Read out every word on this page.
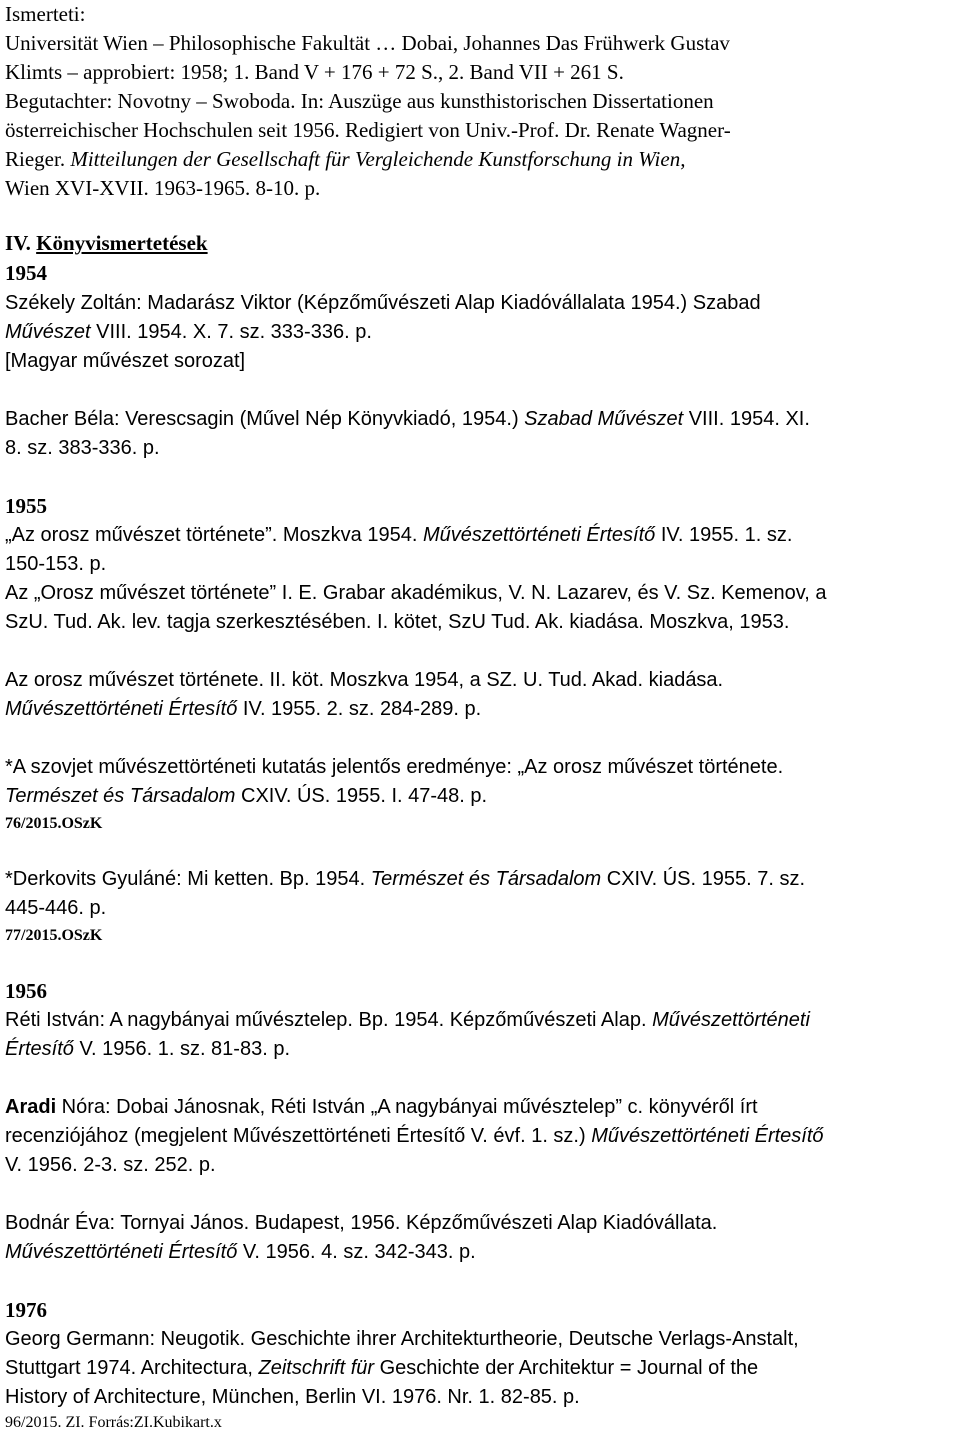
Ismerteti:
Universität Wien – Philosophische Fakultät … Dobai, Johannes Das Frühwerk Gustav
Klimts – approbiert: 1958; 1. Band V + 176 + 72 S., 2. Band VII + 261 S.
Begutachter: Novotny – Swoboda. In: Auszüge aus kunsthistorischen Dissertationen
österreichischer Hochschulen seit 1956. Redigiert von Univ.-Prof. Dr. Renate Wagner-
Rieger. Mitteilungen der Gesellschaft für Vergleichende Kunstforschung in Wien,
Wien XVI-XVII. 1963-1965. 8-10. p.
IV. Könyvismertetések
1954
Székely Zoltán: Madarász Viktor (Képzőművészeti Alap Kiadóvállalata 1954.) Szabad
Művészet VIII. 1954. X. 7. sz. 333-336. p.
[Magyar művészet sorozat]
Bacher Béla: Verescsagin (Művel Nép Könyvkiadó, 1954.) Szabad Művészet VIII. 1954. XI.
8. sz. 383-336. p.
1955
„Az orosz művészet története”. Moszkva 1954. Művészettörténeti Értesítő IV. 1955. 1. sz.
150-153. p.
Az „Orosz művészet története” I. E. Grabar akadémikus, V. N. Lazarev, és V. Sz. Kemenov, a
SzU. Tud. Ak. lev. tagja szerkesztésében. I. kötet, SzU Tud. Ak. kiadása. Moszkva, 1953.
Az orosz művészet története. II. köt. Moszkva 1954, a SZ. U. Tud. Akad. kiadása.
Művészettörténeti Értesítő IV. 1955. 2. sz. 284-289. p.
*A szovjet művészettörténeti kutatás jelentős eredménye: „Az orosz művészet története.
Természet és Társadalom CXIV. ÚS. 1955. I. 47-48. p.
76/2015.OSzK
*Derkovits Gyuláné: Mi ketten. Bp. 1954. Természet és Társadalom CXIV. ÚS. 1955. 7. sz.
445-446. p.
77/2015.OSzK
1956
Réti István: A nagybányai művésztelep. Bp. 1954. Képzőművészeti Alap. Művészettörténeti
Értesítő V. 1956. 1. sz. 81-83. p.
Aradi Nóra: Dobai Jánosnak, Réti István „A nagybányai művésztelep” c. könyvéről írt
recenziójához (megjelent Művészettörténeti Értesítő V. évf. 1. sz.) Művészettörténeti Értesítő
V. 1956. 2-3. sz. 252. p.
Bodnár Éva: Tornyai János. Budapest, 1956. Képzőművészeti Alap Kiadóvállata.
Művészettörténeti Értesítő V. 1956. 4. sz. 342-343. p.
1976
Georg Germann: Neugotik. Geschichte ihrer Architekturtheorie, Deutsche Verlags-Anstalt,
Stuttgart 1974. Architectura, Zeitschrift für Geschichte der Architektur = Journal of the
History of Architecture, München, Berlin VI. 1976. Nr. 1. 82-85. p.
96/2015. ZI. Forrás:ZI.Kubikart.x
